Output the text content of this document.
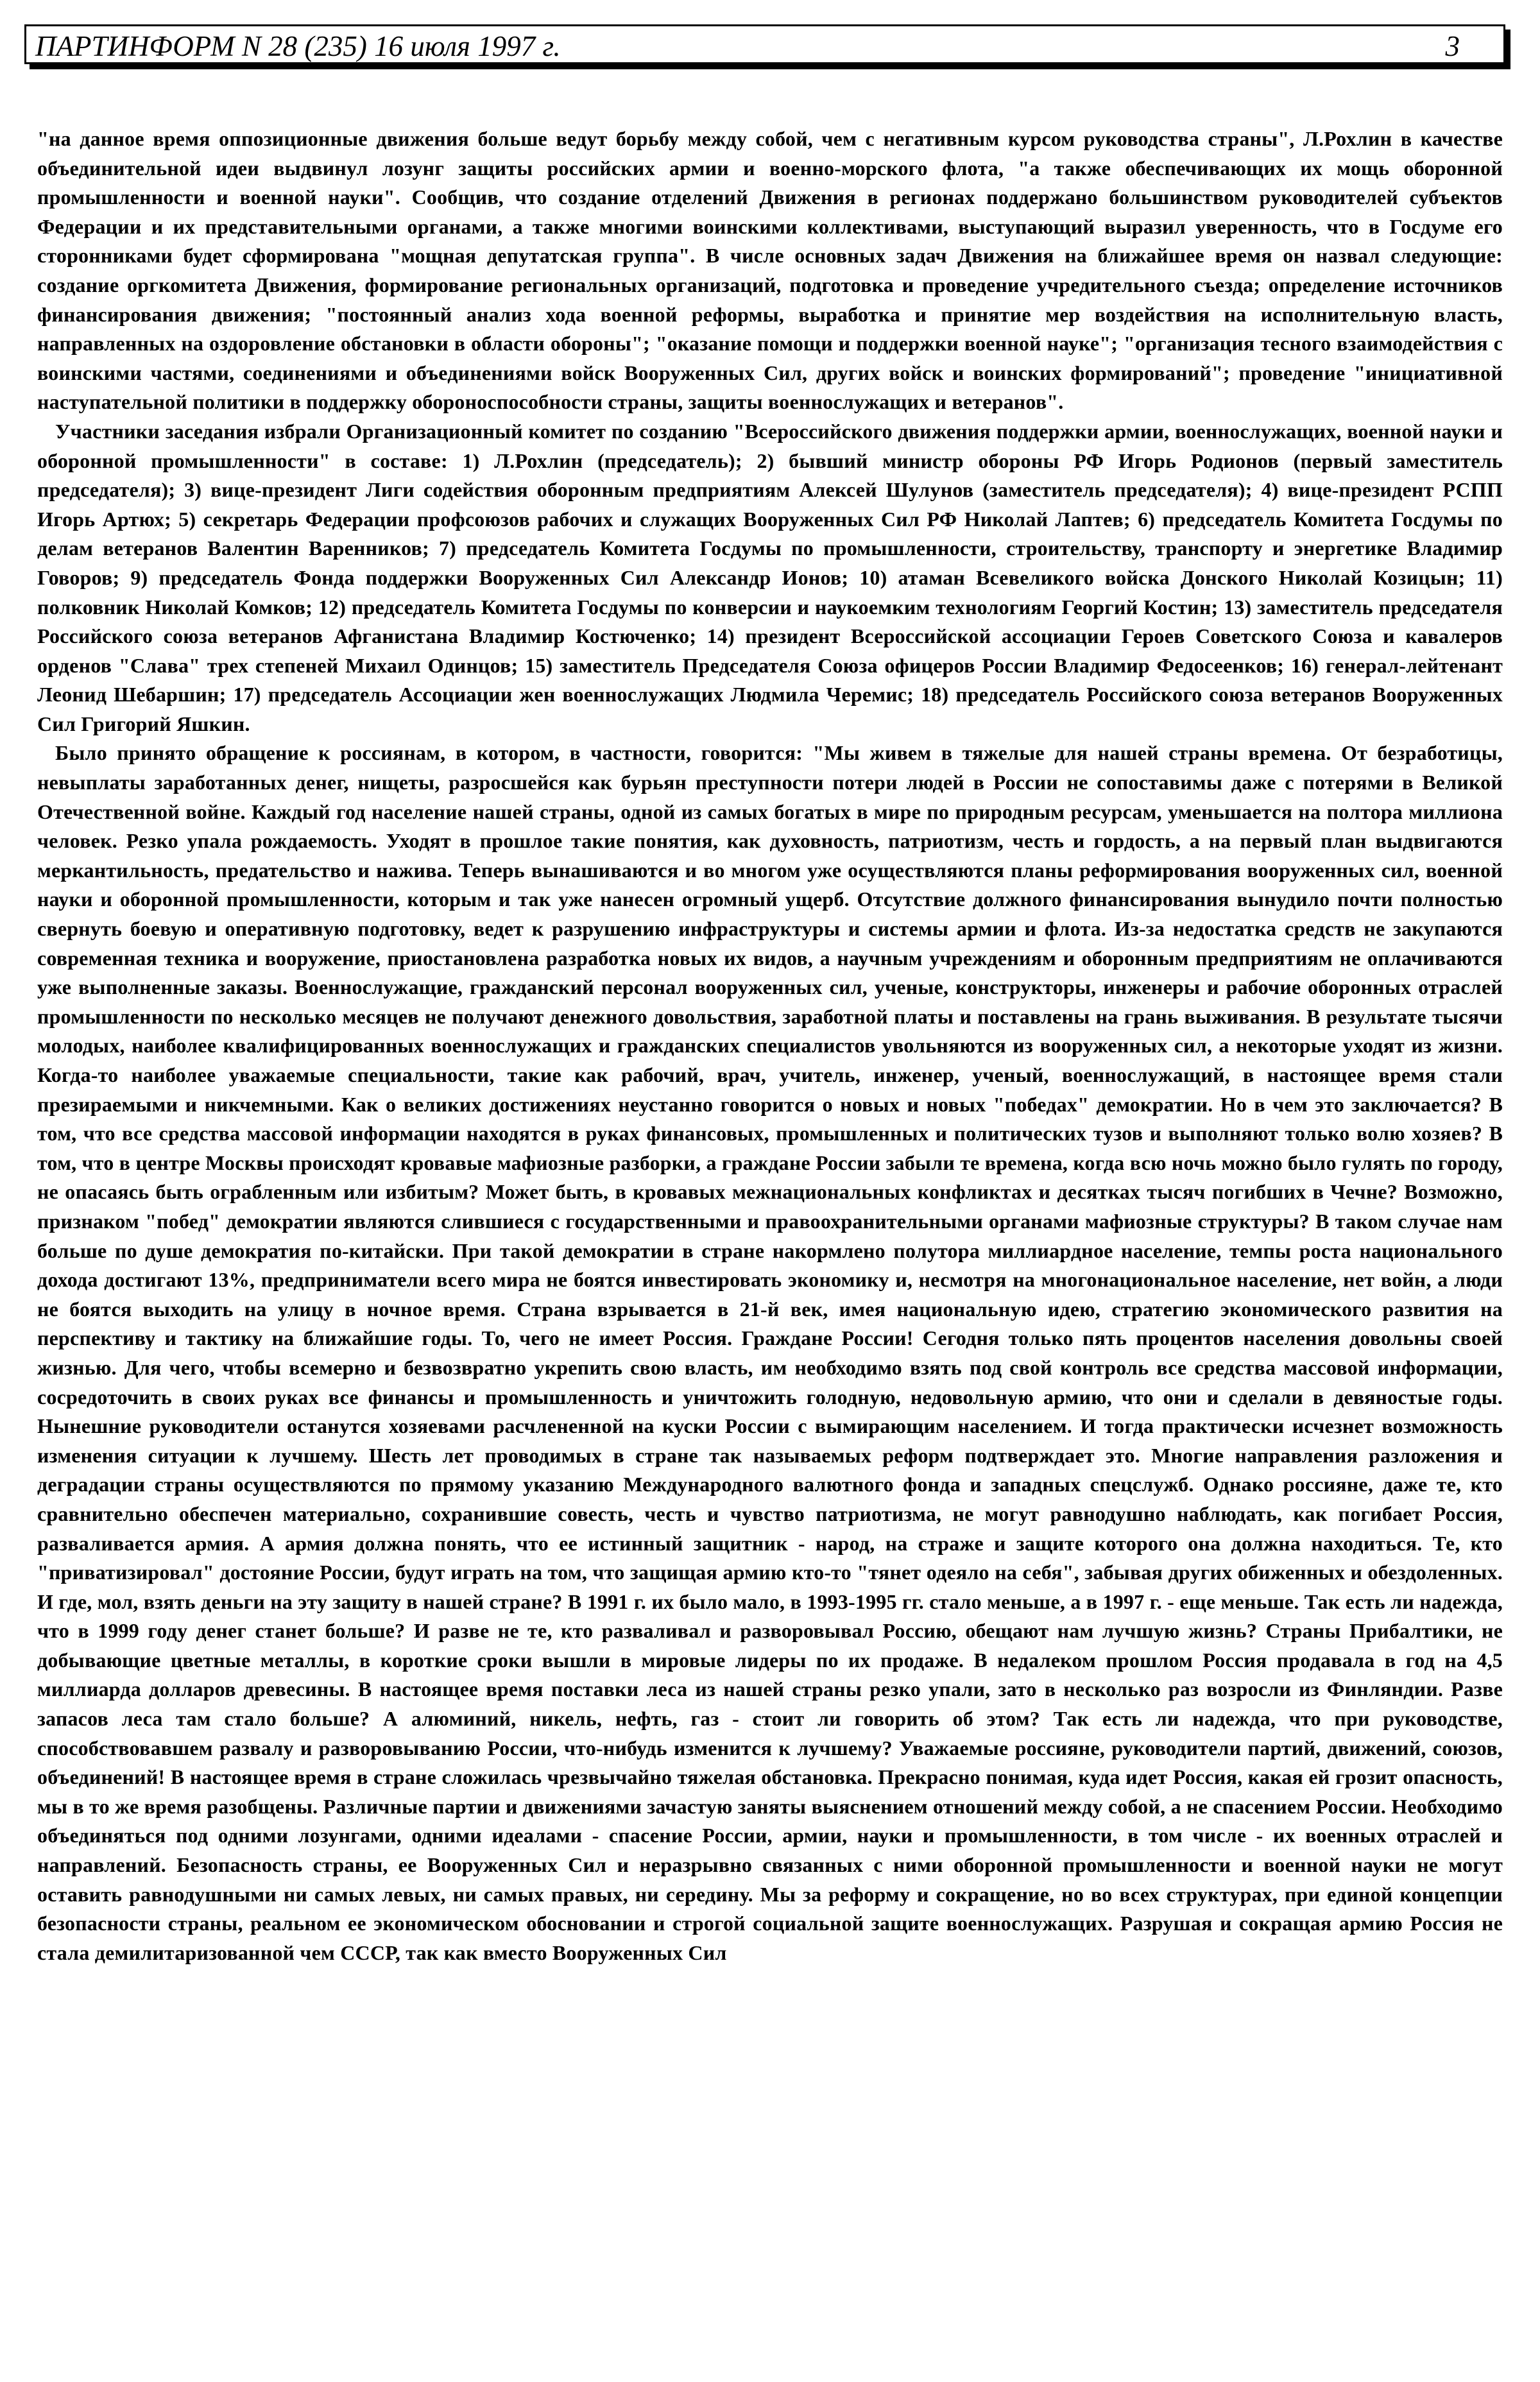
ПАРТИНФОРМ N 28 (235) 16 июля 1997 г.	3

"на данное время оппозиционные движения больше ведут борьбу между собой, чем с негативным курсом руководства страны", Л.Рохлин в качестве объединительной идеи выдвинул лозунг защиты российских армии и военно-морского флота, "а также обеспечивающих их мощь оборонной промышленности и военной науки". Сообщив, что создание отделений Движения в регионах поддержано большинством руководителей субъектов Федерации и их представительными органами, а также многими воинскими коллективами, выступающий выразил уверенность, что в Госдуме его сторонниками будет сформирована "мощная депутатская группа". В числе основных задач Движения на ближайшее время он назвал следующие: создание оргкомитета Движения, формирование региональных организаций, подготовка и проведение учредительного съезда; определение источников финансирования движения; "постоянный анализ хода военной реформы, выработка и принятие мер воздействия на исполнительную власть, направленных на оздоровление обстановки в области обороны"; "оказание помощи и поддержки военной науке"; "организация тесного взаимодействия с воинскими частями, соединениями и объединениями войск Вооруженных Сил, других войск и воинских формирований"; проведение "инициативной наступательной политики в поддержку обороноспособности страны, защиты военнослужащих и ветеранов".

Участники заседания избрали Организационный комитет по созданию "Всероссийского движения поддержки армии, военнослужащих, военной науки и оборонной промышленности" в составе: 1) Л.Рохлин (председатель); 2) бывший министр обороны РФ Игорь Родионов (первый заместитель председателя); 3) вице-президент Лиги содействия оборонным предприятиям Алексей Шулунов (заместитель председателя); 4) вице-президент РСПП Игорь Артюх; 5) секретарь Федерации профсоюзов рабочих и служащих Вооруженных Сил РФ Николай Лаптев; 6) председатель Комитета Госдумы по делам ветеранов Валентин Варенников; 7) председатель Комитета Госдумы по промышленности, строительству, транспорту и энергетике Владимир Говоров; 9) председатель Фонда поддержки Вооруженных Сил Александр Ионов; 10) атаман Всевеликого войска Донского Николай Козицын; 11) полковник Николай Комков; 12) председатель Комитета Госдумы по конверсии и наукоемким технологиям Георгий Костин; 13) заместитель председателя Российского союза ветеранов Афганистана Владимир Костюченко; 14) президент Всероссийской ассоциации Героев Советского Союза и кавалеров орденов "Слава" трех степеней Михаил Одинцов; 15) заместитель Председателя Союза офицеров России Владимир Федосеенков; 16) генерал-лейтенант Леонид Шебаршин; 17) председатель Ассоциации жен военнослужащих Людмила Черемис; 18) председатель Российского союза ветеранов Вооруженных Сил Григорий Яшкин.

Было принято обращение к россиянам, в котором, в частности, говорится: "Мы живем в тяжелые для нашей страны времена. От безработицы, невыплаты заработанных денег, нищеты, разросшейся как бурьян преступности потери людей в России не сопоставимы даже с потерями в Великой Отечественной войне. Каждый год население нашей страны, одной из самых богатых в мире по природным ресурсам, уменьшается на полтора миллиона человек. Резко упала рождаемость. Уходят в прошлое такие понятия, как духовность, патриотизм, честь и гордость, а на первый план выдвигаются меркантильность, предательство и нажива. Теперь вынашиваются и во многом уже осуществляются планы реформирования вооруженных сил, военной науки и оборонной промышленности, которым и так уже нанесен огромный ущерб. Отсутствие должного финансирования вынудило почти полностью свернуть боевую и оперативную подготовку, ведет к разрушению инфраструктуры и системы армии и флота. Из-за недостатка средств не закупаются современная техника и вооружение, приостановлена разработка новых их видов, а научным учреждениям и оборонным предприятиям не оплачиваются уже выполненные заказы. Военнослужащие, гражданский персонал вооруженных сил, ученые, конструкторы, инженеры и рабочие оборонных отраслей промышленности по несколько месяцев не получают денежного довольствия, заработной платы и поставлены на грань выживания. В результате тысячи молодых, наиболее квалифицированных военнослужащих и гражданских специалистов увольняются из вооруженных сил, а некоторые уходят из жизни. Когда-то наиболее уважаемые специальности, такие как рабочий, врач, учитель, инженер, ученый, военнослужащий, в настоящее время стали презираемыми и никчемными. Как о великих достижениях неустанно говорится о новых и новых "победах" демократии. Но в чем это заключается? В том, что все средства массовой информации находятся в руках финансовых, промышленных и политических тузов и выполняют только волю хозяев? В том, что в центре Москвы происходят кровавые мафиозные разборки, а граждане России забыли те времена, когда всю ночь можно было гулять по городу, не опасаясь быть ограбленным или избитым? Может быть, в кровавых межнациональных конфликтах и десятках тысяч погибших в Чечне? Возможно, признаком "побед" демократии являются слившиеся с государственными и правоохранительными органами мафиозные структуры? В таком случае нам больше по душе демократия по-китайски. При такой демократии в стране накормлено полутора миллиардное население, темпы роста национального дохода достигают 13%, предприниматели всего мира не боятся инвестировать экономику и, несмотря на многонациональное население, нет войн, а люди не боятся выходить на улицу в ночное время. Страна взрывается в 21-й век, имея национальную идею, стратегию экономического развития на перспективу и тактику на ближайшие годы. То, чего не имеет Россия. Граждане России! Сегодня только пять процентов населения довольны своей жизнью. Для чего, чтобы всемерно и безвозвратно укрепить свою власть, им необходимо взять под свой контроль все средства массовой информации, сосредоточить в своих руках все финансы и промышленность и уничтожить голодную, недовольную армию, что они и сделали в девяностые годы. Нынешние руководители останутся хозяевами расчлененной на куски России с вымирающим населением. И тогда практически исчезнет возможность изменения ситуации к лучшему. Шесть лет проводимых в стране так называемых реформ подтверждает это. Многие направления разложения и деградации страны осуществляются по прямому указанию Международного валютного фонда и западных спецслужб. Однако россияне, даже те, кто сравнительно обеспечен материально, сохранившие совесть, честь и чувство патриотизма, не могут равнодушно наблюдать, как погибает Россия, разваливается армия. А армия должна понять, что ее истинный защитник - народ, на страже и защите которого она должна находиться. Те, кто "приватизировал" достояние России, будут играть на том, что защищая армию кто-то "тянет одеяло на себя", забывая других обиженных и обездоленных. И где, мол, взять деньги на эту защиту в нашей стране? В 1991 г. их было мало, в 1993-1995 гг. стало меньше, а в 1997 г. - еще меньше. Так есть ли надежда, что в 1999 году денег станет больше? И разве не те, кто разваливал и разворовывал Россию, обещают нам лучшую жизнь? Страны Прибалтики, не добывающие цветные металлы, в короткие сроки вышли в мировые лидеры по их продаже. В недалеком прошлом Россия продавала в год на 4,5 миллиарда долларов древесины. В настоящее время поставки леса из нашей страны резко упали, зато в несколько раз возросли из Финляндии. Разве запасов леса там стало больше? А алюминий, никель, нефть, газ - стоит ли говорить об этом? Так есть ли надежда, что при руководстве, способствовавшем развалу и разворовыванию России, что-нибудь изменится к лучшему? Уважаемые россияне, руководители партий, движений, союзов, объединений! В настоящее время в стране сложилась чрезвычайно тяжелая обстановка. Прекрасно понимая, куда идет Россия, какая ей грозит опасность, мы в то же время разобщены. Различные партии и движениями зачастую заняты выяснением отношений между собой, а не спасением России. Необходимо объединяться под одними лозунгами, одними идеалами - спасение России, армии, науки и промышленности, в том числе - их военных отраслей и направлений. Безопасность страны, ее Вооруженных Сил и неразрывно связанных с ними оборонной промышленности и военной науки не могут оставить равнодушными ни самых левых, ни самых правых, ни середину. Мы за реформу и сокращение, но во всех структурах, при единой концепции безопасности страны, реальном ее экономическом обосновании и строгой социальной защите военнослужащих. Разрушая и сокращая армию Россия не стала демилитаризованной чем СССР, так как вместо Вооруженных Сил
